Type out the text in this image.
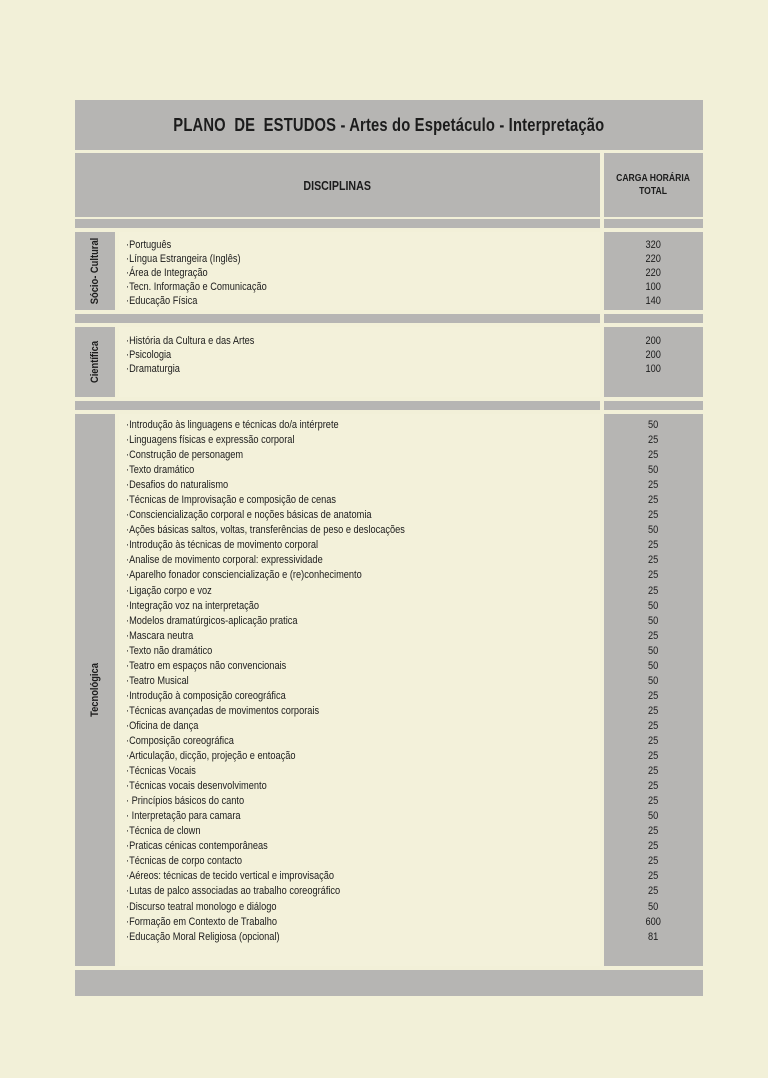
PLANO  DE  ESTUDOS - Artes do Espetáculo - Interpretação
DISCIPLINAS	CARGA HORÁRIA
TOTAL
Sócio- Cultural ·Português
·Língua Estrangeira (Inglês)
·Área de Integração
·Tecn. Informação e Comunicação
·Educação Física
320
220
220
100
140
Científica ·História da Cultura e das Artes
·Psicologia
·Dramaturgia
200
200
100
Tecnológica
·Introdução às linguagens e técnicas do/a intérprete
·Linguagens físicas e expressão corporal
·Construção de personagem
·Texto dramático
·Desafios do naturalismo
·Técnicas de Improvisação e composição de cenas
·Consciencialização corporal e noções básicas de anatomia
·Ações básicas saltos, voltas, transferências de peso e deslocações
·Introdução às técnicas de movimento corporal
·Analise de movimento corporal: expressividade
·Aparelho fonador consciencialização e (re)conhecimento
·Ligação corpo e voz
·Integração voz na interpretação
·Modelos dramatúrgicos-aplicação pratica
·Mascara neutra
·Texto não dramático
·Teatro em espaços não convencionais
·Teatro Musical
·Introdução à composição coreográfica
·Técnicas avançadas de movimentos corporais
·Oficina de dança
·Composição coreográfica
·Articulação, dicção, projeção e entoação
·Técnicas Vocais
·Técnicas vocais desenvolvimento
· Princípios básicos do canto
· Interpretação para camara
·Técnica de clown
·Praticas cénicas contemporâneas
·Técnicas de corpo contacto
·Aéreos: técnicas de tecido vertical e improvisação
·Lutas de palco associadas ao trabalho coreográfico
·Discurso teatral monologo e diálogo
·Formação em Contexto de Trabalho
·Educação Moral Religiosa (opcional)
50
25
25
50
25
25
25
50
25
25
25
25
50
50
25
50
50
50
25
25
25
25
25
25
25
25
50
25
25
25
25
25
50
600
81
